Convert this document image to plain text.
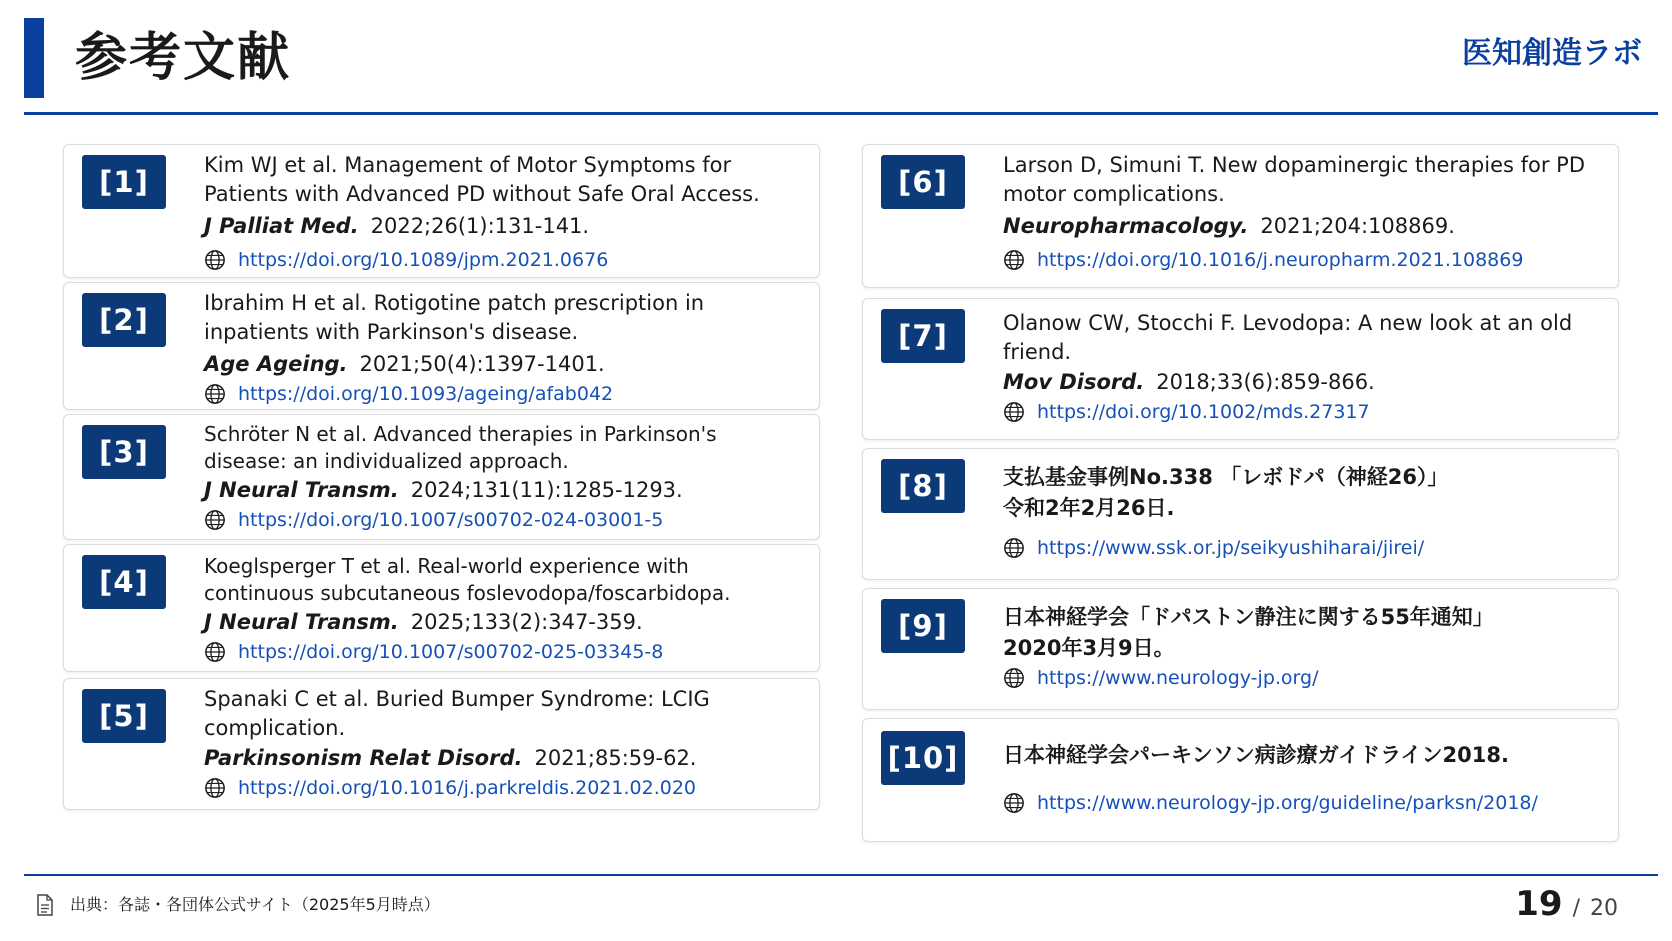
参考文献	医知創造ラボ
[1]	Kim WJ et al. Management of Motor Symptoms for Patients with Advanced PD without Safe Oral Access.
J Palliat Med. 2022;26(1):131-141.
https://doi.org/10.1089/jpm.2021.0676
[2]	Ibrahim H et al. Rotigotine patch prescription in inpatients with Parkinson's disease.
Age Ageing. 2021;50(4):1397-1401.
https://doi.org/10.1093/ageing/afab042
[3]
Schröter N et al. Advanced therapies in Parkinson's disease: an individualized approach.
J Neural Transm. 2024;131(11):1285-1293.
https://doi.org/10.1007/s00702-024-03001-5
[4]	Koeglsperger T et al. Real-world experience with continuous subcutaneous foslevodopa/foscarbidopa.
J Neural Transm. 2025;133(2):347-359.
https://doi.org/10.1007/s00702-025-03345-8
[5]	Spanaki C et al. Buried Bumper Syndrome: LCIG complication.
Parkinsonism Relat Disord. 2021;85:59-62.
https://doi.org/10.1016/j.parkreldis.2021.02.020
[6]	Larson D, Simuni T. New dopaminergic therapies for PD motor complications.
Neuropharmacology. 2021;204:108869.
https://doi.org/10.1016/j.neuropharm.2021.108869
[7]	Olanow CW, Stocchi F. Levodopa: A new look at an old friend.
Mov Disord. 2018;33(6):859-866.
https://doi.org/10.1002/mds.27317
[8]	支払基金事例No.338 「レボドパ（神経26）」
令和2年2月26日.
https://www.ssk.or.jp/seikyushiharai/jirei/
[9]	日本神経学会「ドパストン静注に関する55年通知」
2020年3月9日。
https://www.neurology-jp.org/
[10]	日本神経学会パーキンソン病診療ガイドライン2018.
https://www.neurology-jp.org/guideline/parksn/2018/
出典：各誌・各団体公式サイト（2025年5月時点）	19 / 20
